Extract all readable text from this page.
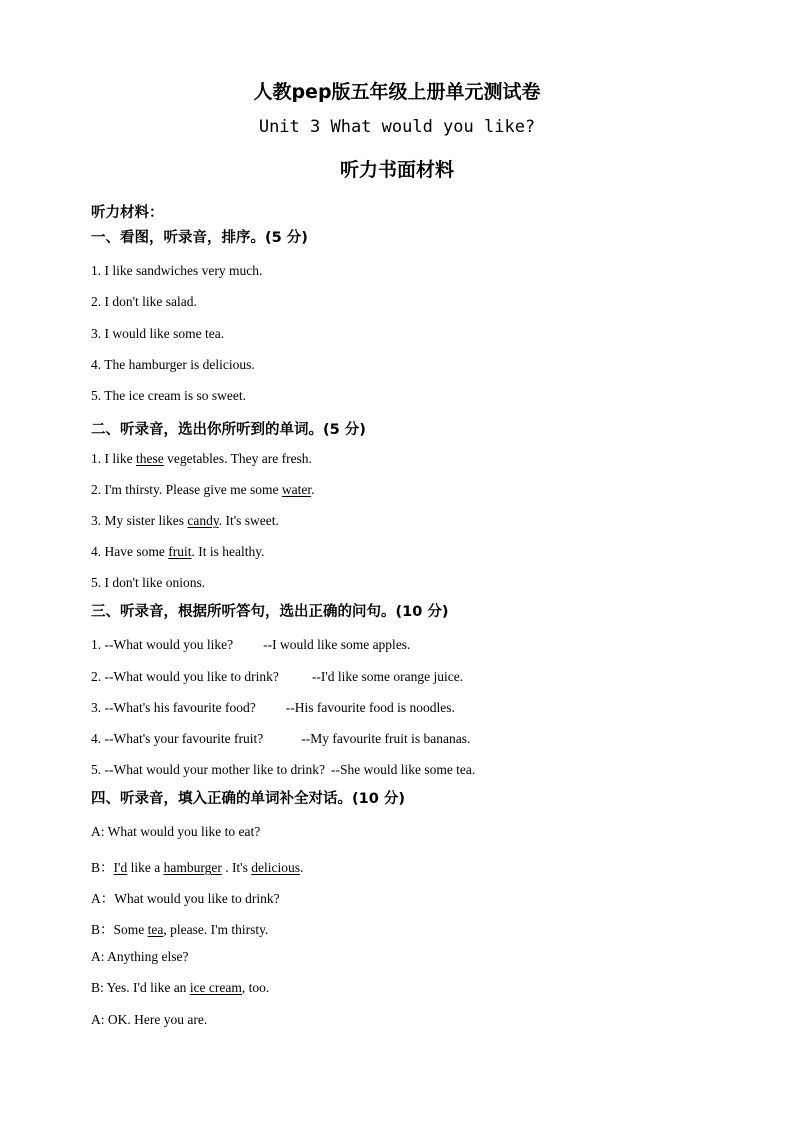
人教pep版五年级上册单元测试卷
Unit 3 What would you like?
听力书面材料
听力材料：
一、看图，听录音，排序。(5 分)
1. I like sandwiches very much.
2. I don't like salad.
3. I would like some tea.
4. The hamburger is delicious.
5. The ice cream is so sweet.
二、听录音，选出你所听到的单词。(5 分)
1. I like these vegetables. They are fresh.
2. I'm thirsty. Please give me some water.
3. My sister likes candy. It's sweet.
4. Have some fruit. It is healthy.
5. I don't like onions.
三、听录音，根据所听答句，选出正确的问句。(10 分)
1. --What would you like? --I would like some apples.
2. --What would you like to drink? --I'd like some orange juice.
3. --What's his favourite food? --His favourite food is noodles.
4. --What's your favourite fruit?	--My favourite fruit is bananas.
5. --What would your mother like to drink? --She would like some tea.
四、听录音，填入正确的单词补全对话。(10 分)
A: What would you like to eat?
B：I'd like a hamburger . It's delicious.
A：What would you like to drink?
B：Some tea, please. I'm thirsty.
A: Anything else?
B: Yes. I'd like an ice cream, too.
A: OK. Here you are.
